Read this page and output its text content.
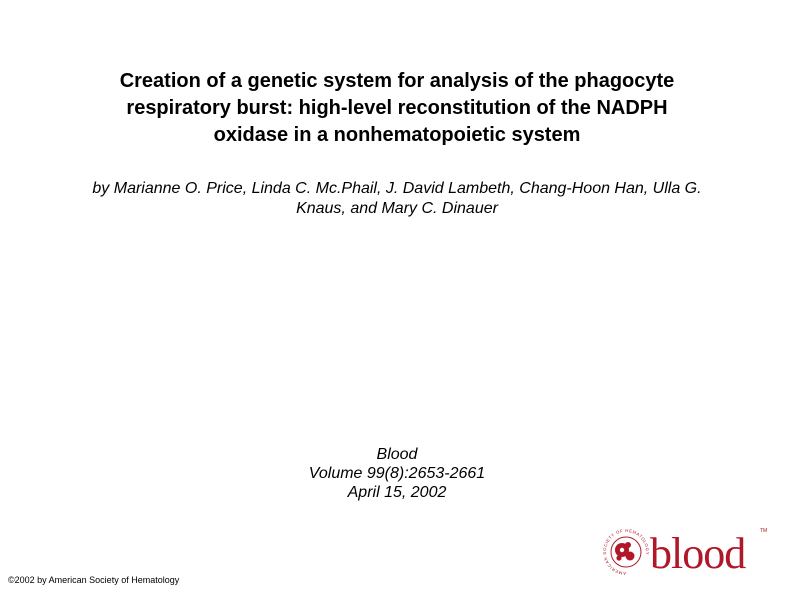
Creation of a genetic system for analysis of the phagocyte
respiratory burst: high-level reconstitution of the NADPH
oxidase in a nonhematopoietic system
by Marianne O. Price, Linda C. Mc.Phail, J. David Lambeth, Chang-Hoon Han, Ulla G.
Knaus, and Mary C. Dinauer
Blood
Volume 99(8):2653-2661
April 15, 2002
©2002 by American Society of Hematology
AMERICAN SOCIETY OF HEMATOLOGY blood	TM
